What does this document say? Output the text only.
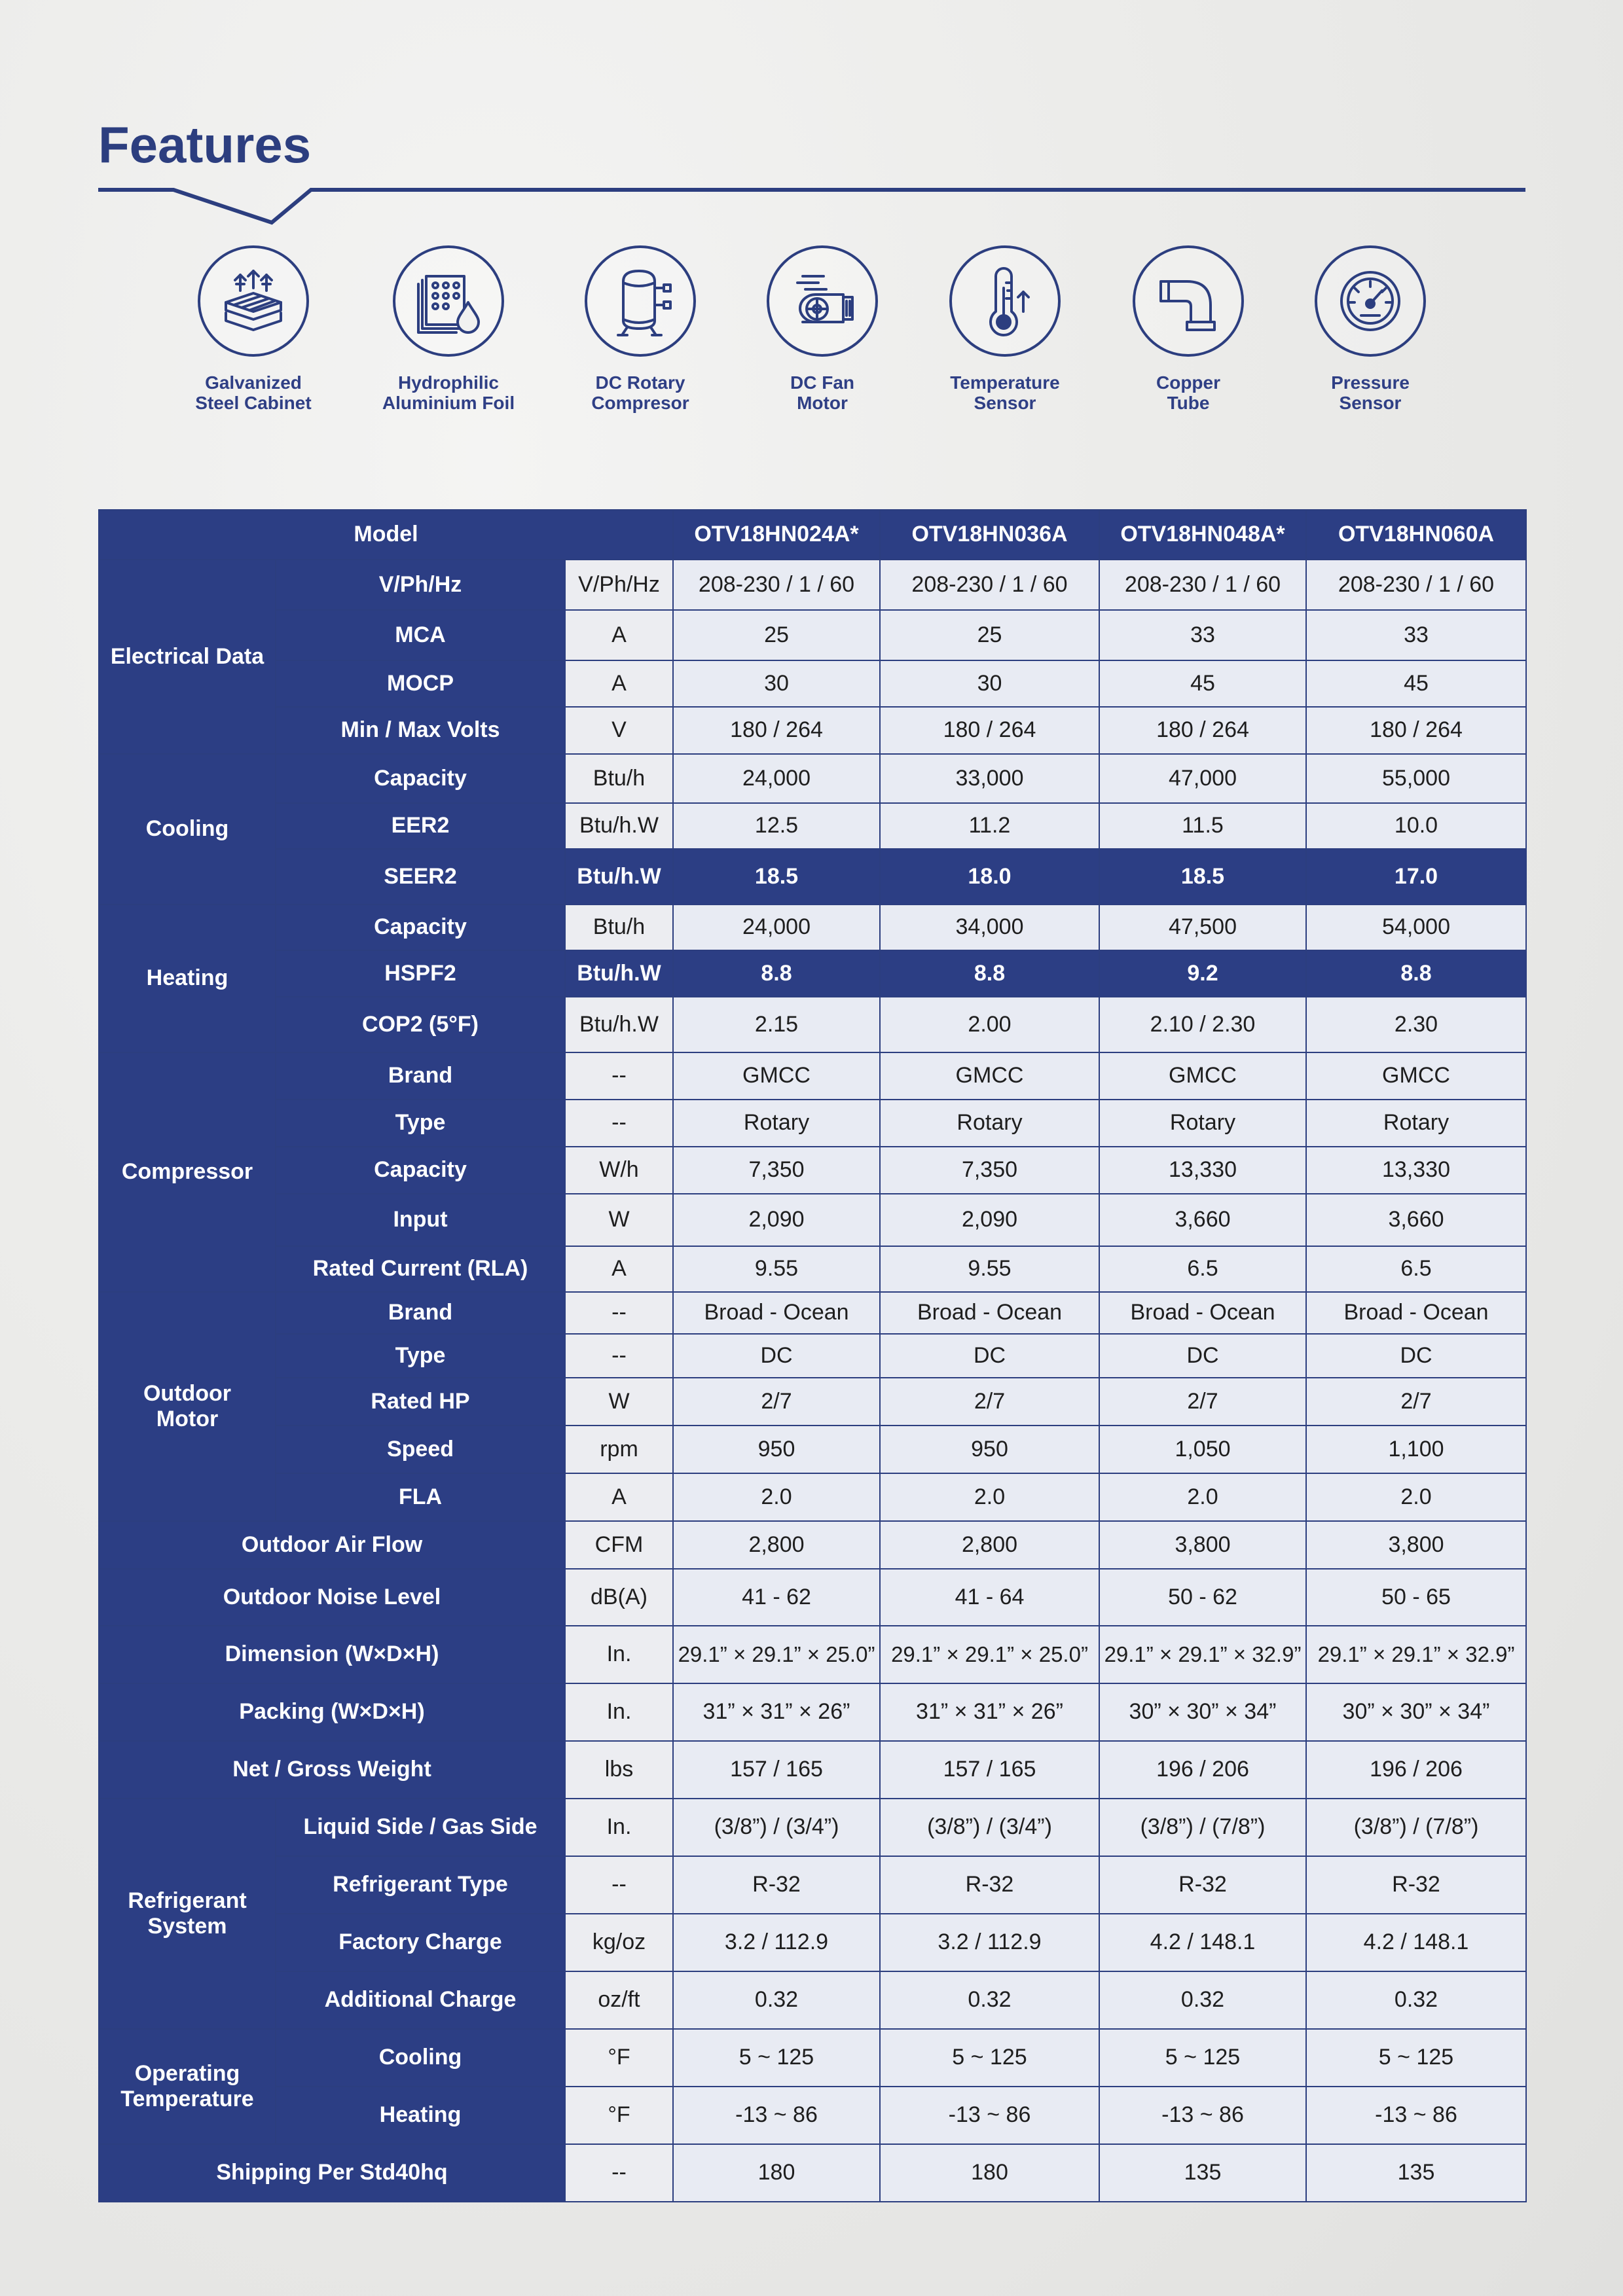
Features
Galvanized
Steel Cabinet
Hydrophilic
Aluminium Foil
DC Rotary
Compresor
DC Fan
Motor
Temperature
Sensor
Copper
Tube
Pressure
Sensor
Model			OTV18HN024A*	OTV18HN036A	OTV18HN048A*	OTV18HN060A
Electrical Data	V/Ph/Hz	V/Ph/Hz	208-230 / 1 / 60	208-230 / 1 / 60	208-230 / 1 / 60	208-230 / 1 / 60
	MCA	A	25	25	33	33
	MOCP	A	30	30	45	45
	Min / Max Volts	V	180 / 264	180 / 264	180 / 264	180 / 264
Cooling	Capacity	Btu/h	24,000	33,000	47,000	55,000
	EER2	Btu/h.W	12.5	11.2	11.5	10.0
	SEER2	Btu/h.W	18.5	18.0	18.5	17.0
Heating	Capacity	Btu/h	24,000	34,000	47,500	54,000
	HSPF2	Btu/h.W	8.8	8.8	9.2	8.8
	COP2 (5°F)	Btu/h.W	2.15	2.00	2.10 / 2.30	2.30
Compressor	Brand	--	GMCC	GMCC	GMCC	GMCC
	Type	--	Rotary	Rotary	Rotary	Rotary
	Capacity	W/h	7,350	7,350	13,330	13,330
	Input	W	2,090	2,090	3,660	3,660
	Rated Current (RLA)	A	9.55	9.55	6.5	6.5
Outdoor
Motor	Brand	--	Broad - Ocean	Broad - Ocean	Broad - Ocean	Broad - Ocean
	Type	--	DC	DC	DC	DC
	Rated HP	W	2/7	2/7	2/7	2/7
	Speed	rpm	950	950	1,050	1,100
	FLA	A	2.0	2.0	2.0	2.0
Outdoor Air Flow		CFM	2,800	2,800	3,800	3,800
Outdoor Noise Level		dB(A)	41 - 62	41 - 64	50 - 62	50 - 65
Dimension (W×D×H)		In.	29.1” × 29.1” × 25.0”	29.1” × 29.1” × 25.0”	29.1” × 29.1” × 32.9”	29.1” × 29.1” × 32.9”
Packing (W×D×H)		In.	31” × 31” × 26”	31” × 31” × 26”	30” × 30” × 34”	30” × 30” × 34”
Net / Gross Weight		lbs	157 / 165	157 / 165	196 / 206	196 / 206
Refrigerant
System	Liquid Side / Gas Side	In.	(3/8”) / (3/4”)	(3/8”) / (3/4”)	(3/8”) / (7/8”)	(3/8”) / (7/8”)
	Refrigerant Type	--	R-32	R-32	R-32	R-32
	Factory Charge	kg/oz	3.2 / 112.9	3.2 / 112.9	4.2 / 148.1	4.2 / 148.1
	Additional Charge	oz/ft	0.32	0.32	0.32	0.32
Operating
Temperature	Cooling	°F	5 ~ 125	5 ~ 125	5 ~ 125	5 ~ 125
	Heating	°F	-13 ~ 86	-13 ~ 86	-13 ~ 86	-13 ~ 86
Shipping Per Std40hq		--	180	180	135	135
